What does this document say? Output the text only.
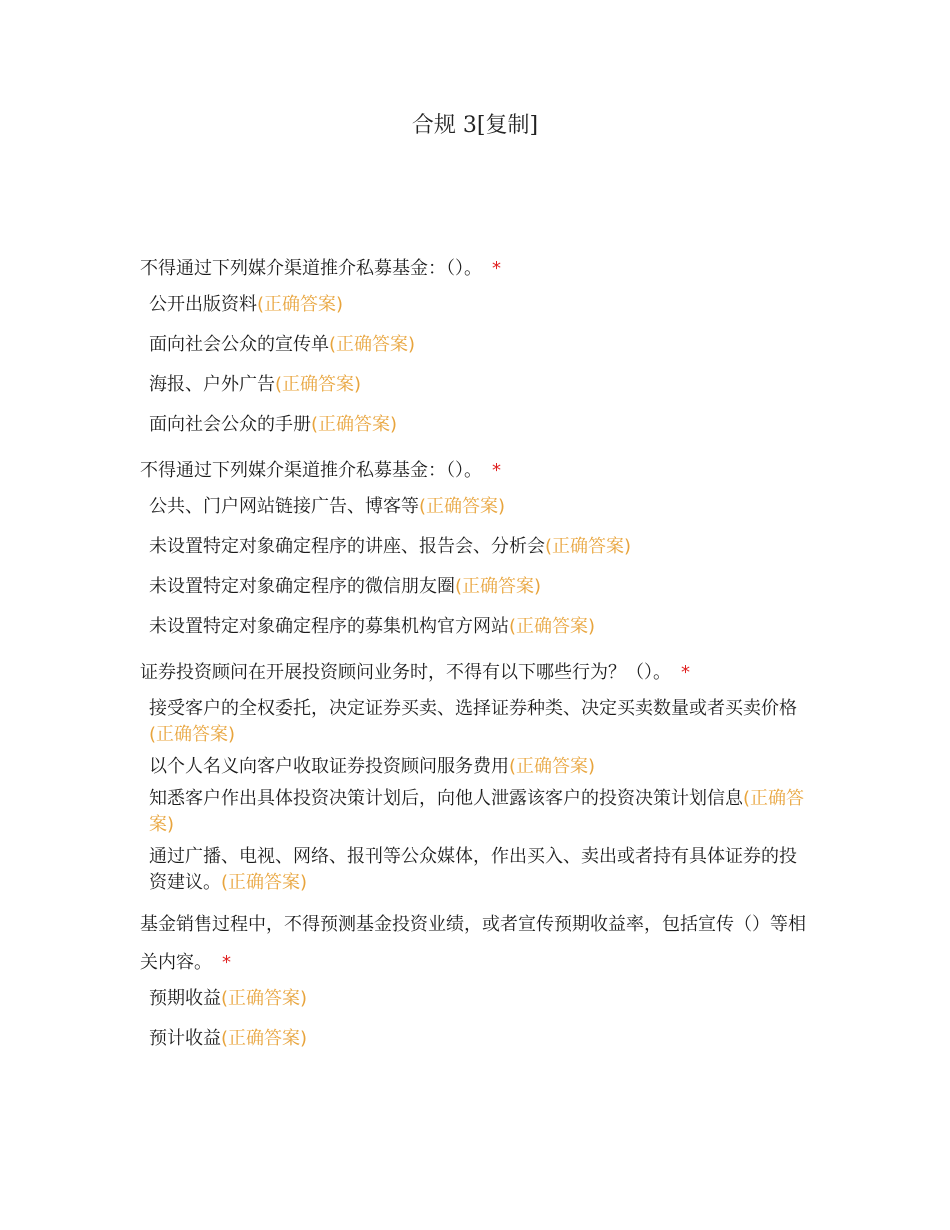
合规 3[复制]
不得通过下列媒介渠道推介私募基金：（）。 *
公开出版资料(正确答案)
面向社会公众的宣传单(正确答案)
海报、户外广告(正确答案)
面向社会公众的手册(正确答案)
不得通过下列媒介渠道推介私募基金：（）。 *
公共、门户网站链接广告、博客等(正确答案)
未设置特定对象确定程序的讲座、报告会、分析会(正确答案)
未设置特定对象确定程序的微信朋友圈(正确答案)
未设置特定对象确定程序的募集机构官方网站(正确答案)
证券投资顾问在开展投资顾问业务时，不得有以下哪些行为？（）。 *
接受客户的全权委托，决定证券买卖、选择证券种类、决定买卖数量或者买卖价格(正确答案)
以个人名义向客户收取证券投资顾问服务费用(正确答案)
知悉客户作出具体投资决策计划后，向他人泄露该客户的投资决策计划信息(正确答案)
通过广播、电视、网络、报刊等公众媒体，作出买入、卖出或者持有具体证券的投资建议。(正确答案)
基金销售过程中，不得预测基金投资业绩，或者宣传预期收益率，包括宣传（）等相关内容。 *
预期收益(正确答案)
预计收益(正确答案)
